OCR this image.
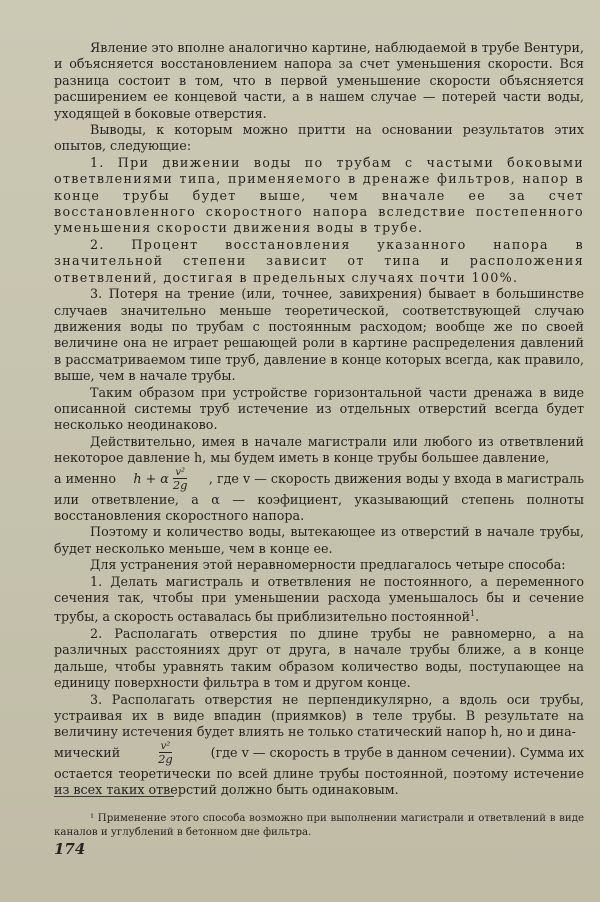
Явление это вполне аналогично картине, наблюдаемой в трубе Вентури, и объясняется восстановлением напора за счет уменьшения скорости. Вся разница состоит в том, что в первой уменьшение скорости объясняется расширением ее концевой части, а в нашем случае — потерей части воды, уходящей в боковые отверстия.

Выводы, к которым можно притти на основании результатов этих опытов, следующие:

1. При движении воды по трубам с частыми боковыми ответвлениями типа, применяемого в дренаже фильтров, напор в конце трубы будет выше, чем вначале ее за счет восстановленного скоростного напора вследствие постепенного уменьшения скорости движения воды в трубе.

2. Процент восстановления указанного напора в значительной степени зависит от типа и расположения ответвлений, достигая в предельных случаях почти 100%.

3. Потеря на трение (или, точнее, завихрения) бывает в большинстве случаев значительно меньше теоретической, соответствующей случаю движения воды по трубам с постоянным расходом; вообще же по своей величине она не играет решающей роли в картине распределения давлений в рассматриваемом типе труб, давление в конце которых всегда, как правило, выше, чем в начале трубы.

Таким образом при устройстве горизонтальной части дренажа в виде описанной системы труб истечение из отдельных отверстий всегда будет несколько неодинаково.

Действительно, имея в начале магистрали или любого из ответвлений некоторое давление h, мы будем иметь в конце трубы большее давление,

а именно h + α $\frac{\text{v²}}{2g}$ , где v — скорость движения воды у входа в магистраль

или ответвление, а α — коэфициент, указывающий степень полноты восстановления скоростного напора.

Поэтому и количество воды, вытекающее из отверстий в начале трубы, будет несколько меньше, чем в конце ее.

Для устранения этой неравномерности предлагалось четыре способа:

1. Делать магистраль и ответвления не постоянного, а переменного сечения так, чтобы при уменьшении расхода уменьшалось бы и сечение трубы, а скорость оставалась бы приблизительно постоянной$^1$.

2. Располагать отверстия по длине трубы не равномерно, а на различных расстояниях друг от друга, в начале трубы ближе, а в конце дальше, чтобы уравнять таким образом количество воды, поступающее на единицу поверхности фильтра в том и другом конце.

3. Располагать отверстия не перпендикулярно, а вдоль оси трубы, устраивая их в виде впадин (приямков) в теле трубы. В результате на величину истечения будет влиять не только статический напор h, но и дина-

мический	$\frac{\text{v²}}{2g}$	(где v — скорость в трубе в данном сечении). Сумма их

остается теоретически по всей длине трубы постоянной, поэтому истечение из всех таких отверстий должно быть одинаковым.

¹ Применение этого способа возможно при выполнении магистрали и ответвлений в виде каналов и углублений в бетонном дне фильтра.

174
